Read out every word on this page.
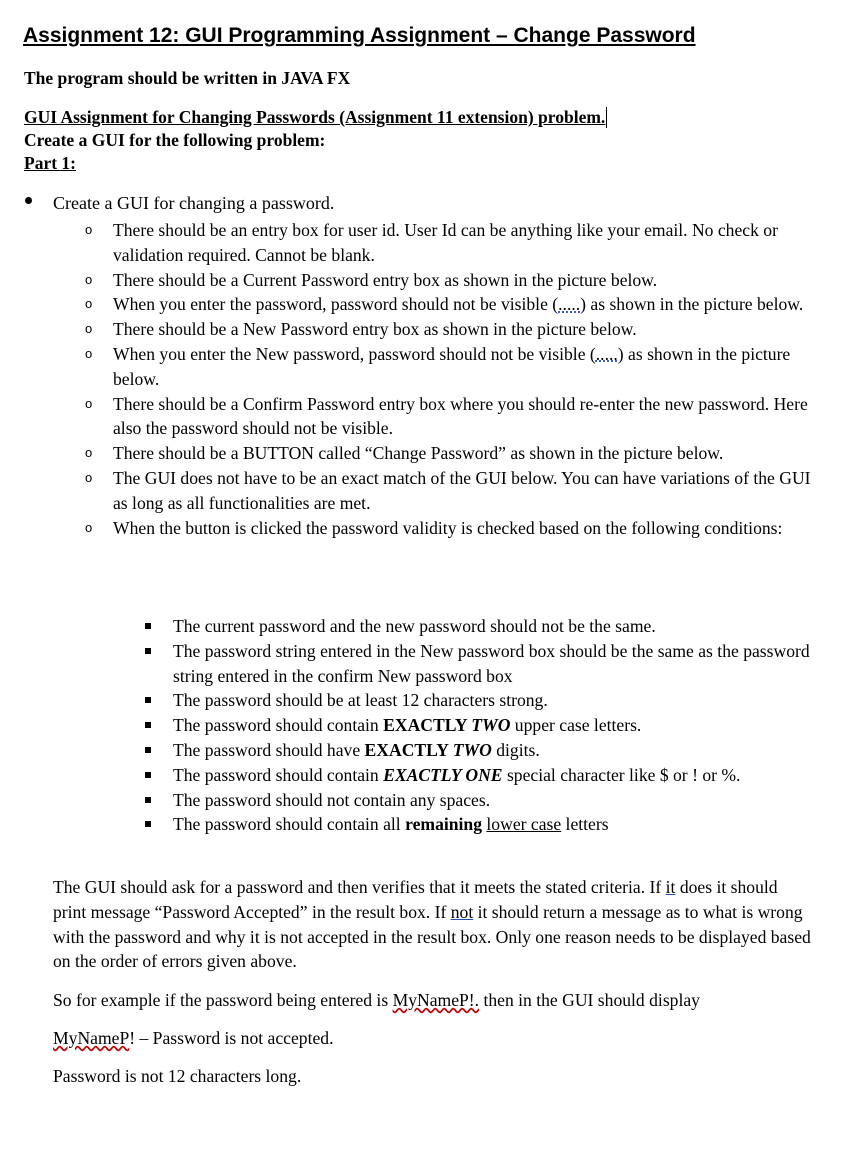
Assignment 12: GUI Programming Assignment – Change Password
The program should be written in JAVA FX
GUI Assignment for Changing Passwords (Assignment 11 extension) problem.
Create a GUI for the following problem:
Part 1:
Create a GUI for changing a password.
o There should be an entry box for user id. User Id can be anything like your email. No check or validation required. Cannot be blank.
o There should be a Current Password entry box as shown in the picture below.
o When you enter the password, password should not be visible (.....) as shown in the picture below.
o There should be a New Password entry box as shown in the picture below.
o When you enter the New password, password should not be visible (.....) as shown in the picture below.
o There should be a Confirm Password entry box where you should re-enter the new password. Here also the password should not be visible.
o There should be a BUTTON called “Change Password” as shown in the picture below.
o The GUI does not have to be an exact match of the GUI below. You can have variations of the GUI as long as all functionalities are met.
o When the button is clicked the password validity is checked based on the following conditions:
The current password and the new password should not be the same.
The password string entered in the New password box should be the same as the password string entered in the confirm New password box
The password should be at least 12 characters strong.
The password should contain EXACTLY TWO upper case letters.
The password should have EXACTLY TWO digits.
The password should contain EXACTLY ONE special character like $ or ! or %.
The password should not contain any spaces.
The password should contain all remaining lower case letters
The GUI should ask for a password and then verifies that it meets the stated criteria. If it does it should print message “Password Accepted” in the result box. If not it should return a message as to what is wrong with the password and why it is not accepted in the result box. Only one reason needs to be displayed based on the order of errors given above.
So for example if the password being entered is MyNameP!. then in the GUI should display
MyNameP! – Password is not accepted.
Password is not 12 characters long.
